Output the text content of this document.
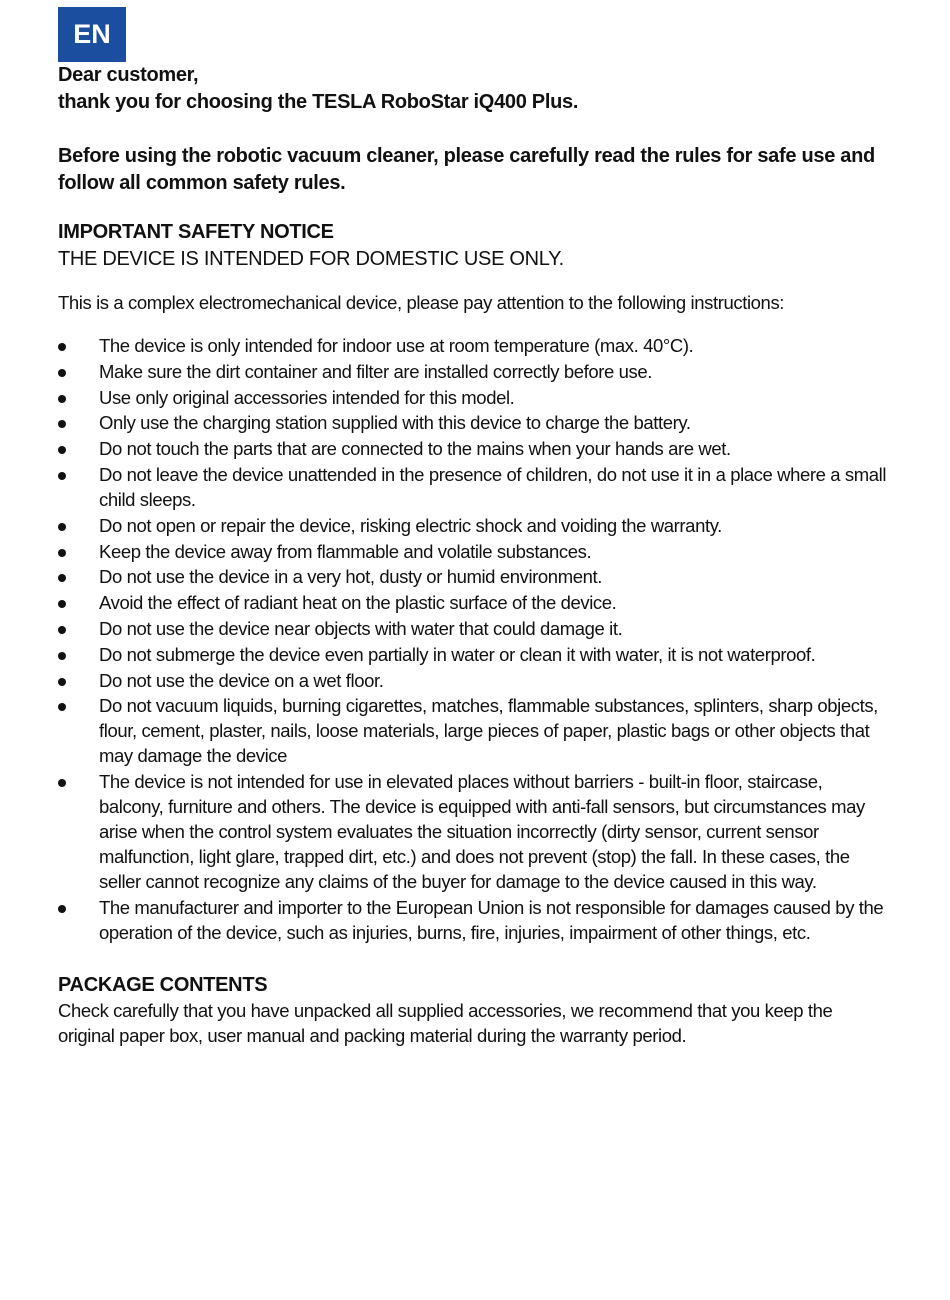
EN
Dear customer,
thank you for choosing the TESLA RoboStar iQ400 Plus.
Before using the robotic vacuum cleaner, please carefully read the rules for safe use and follow all common safety rules.
IMPORTANT SAFETY NOTICE
THE DEVICE IS INTENDED FOR DOMESTIC USE ONLY.
This is a complex electromechanical device, please pay attention to the following instructions:
The device is only intended for indoor use at room temperature (max. 40°C).
Make sure the dirt container and filter are installed correctly before use.
Use only original accessories intended for this model.
Only use the charging station supplied with this device to charge the battery.
Do not touch the parts that are connected to the mains when your hands are wet.
Do not leave the device unattended in the presence of children, do not use it in a place where a small child sleeps.
Do not open or repair the device, risking electric shock and voiding the warranty.
Keep the device away from flammable and volatile substances.
Do not use the device in a very hot, dusty or humid environment.
Avoid the effect of radiant heat on the plastic surface of the device.
Do not use the device near objects with water that could damage it.
Do not submerge the device even partially in water or clean it with water, it is not waterproof.
Do not use the device on a wet floor.
Do not vacuum liquids, burning cigarettes, matches, flammable substances, splinters, sharp objects, flour, cement, plaster, nails, loose materials, large pieces of paper, plastic bags or other objects that may damage the device
The device is not intended for use in elevated places without barriers - built-in floor, staircase, balcony, furniture and others. The device is equipped with anti-fall sensors, but circumstances may arise when the control system evaluates the situation incorrectly (dirty sensor, current sensor malfunction, light glare, trapped dirt, etc.) and does not prevent (stop) the fall. In these cases, the seller cannot recognize any claims of the buyer for damage to the device caused in this way.
The manufacturer and importer to the European Union is not responsible for damages caused by the operation of the device, such as injuries, burns, fire, injuries, impairment of other things, etc.
PACKAGE CONTENTS
Check carefully that you have unpacked all supplied accessories, we recommend that you keep the original paper box, user manual and packing material during the warranty period.
